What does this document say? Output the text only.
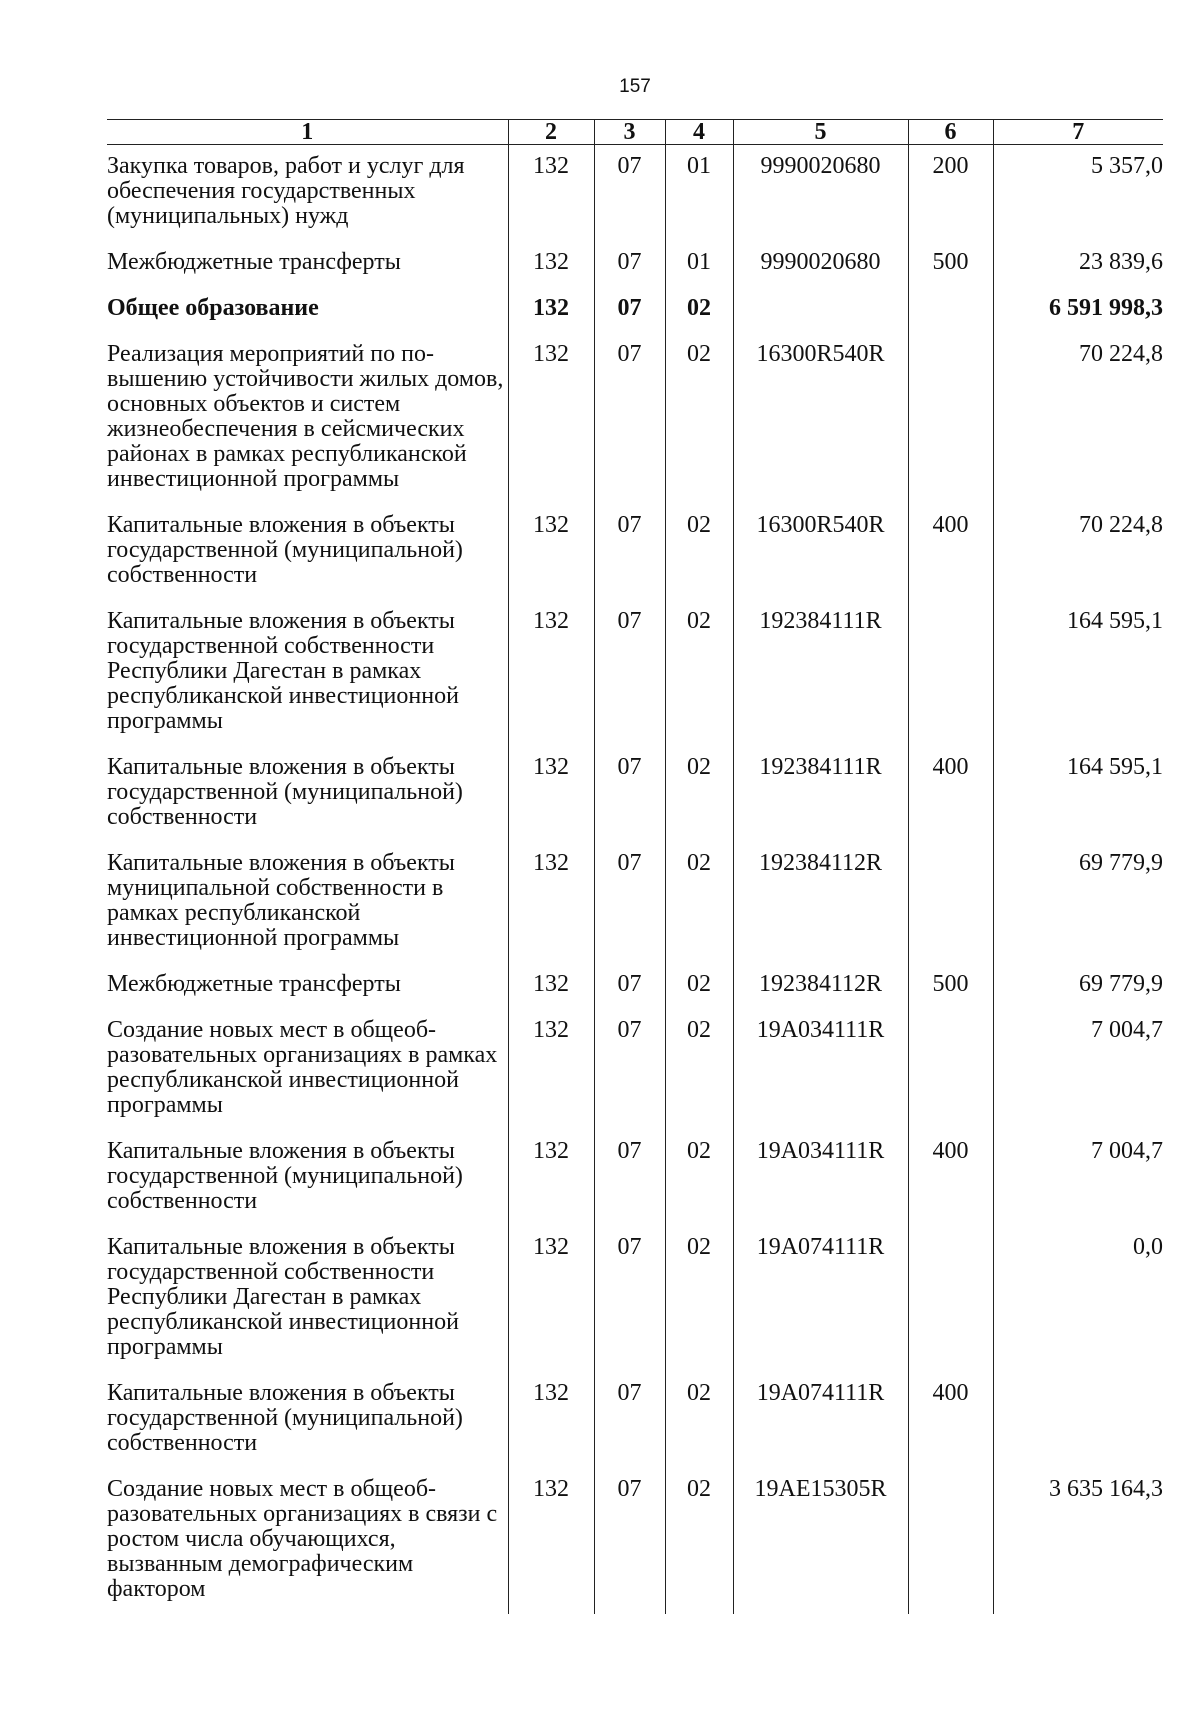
157
1	2	3	4	5	6	7
Закупка товаров, работ и услуг для обеспечения государственных (муниципальных) нужд	132	07	01	9990020680	200	5 357,0
Межбюджетные трансферты	132	07	01	9990020680	500	23 839,6
Общее образование	132	07	02			6 591 998,3
Реализация мероприятий по повышению устойчивости жилых домов, основных объектов и систем жизнеобеспечения в сейсмических районах в рамках республиканской инвестиционной программы	132	07	02	16300R540R		70 224,8
Капитальные вложения в объекты государственной (муниципальной) собственности	132	07	02	16300R540R	400	70 224,8
Капитальные вложения в объекты государственной собственности Республики Дагестан в рамках республиканской инвестиционной программы	132	07	02	192384111R		164 595,1
Капитальные вложения в объекты государственной (муниципальной) собственности	132	07	02	192384111R	400	164 595,1
Капитальные вложения в объекты муниципальной собственности в рамках республиканской инвестиционной программы	132	07	02	192384112R		69 779,9
Межбюджетные трансферты	132	07	02	192384112R	500	69 779,9
Создание новых мест в общеобразовательных организациях в рамках республиканской инвестиционной программы	132	07	02	19A034111R		7 004,7
Капитальные вложения в объекты государственной (муниципальной) собственности	132	07	02	19A034111R	400	7 004,7
Капитальные вложения в объекты государственной собственности Республики Дагестан в рамках республиканской инвестиционной программы	132	07	02	19A074111R		0,0
Капитальные вложения в объекты государственной (муниципальной) собственности	132	07	02	19A074111R	400	
Создание новых мест в общеобразовательных организациях в связи с ростом числа обучающихся, вызванным демографическим фактором	132	07	02	19AE15305R		3 635 164,3
